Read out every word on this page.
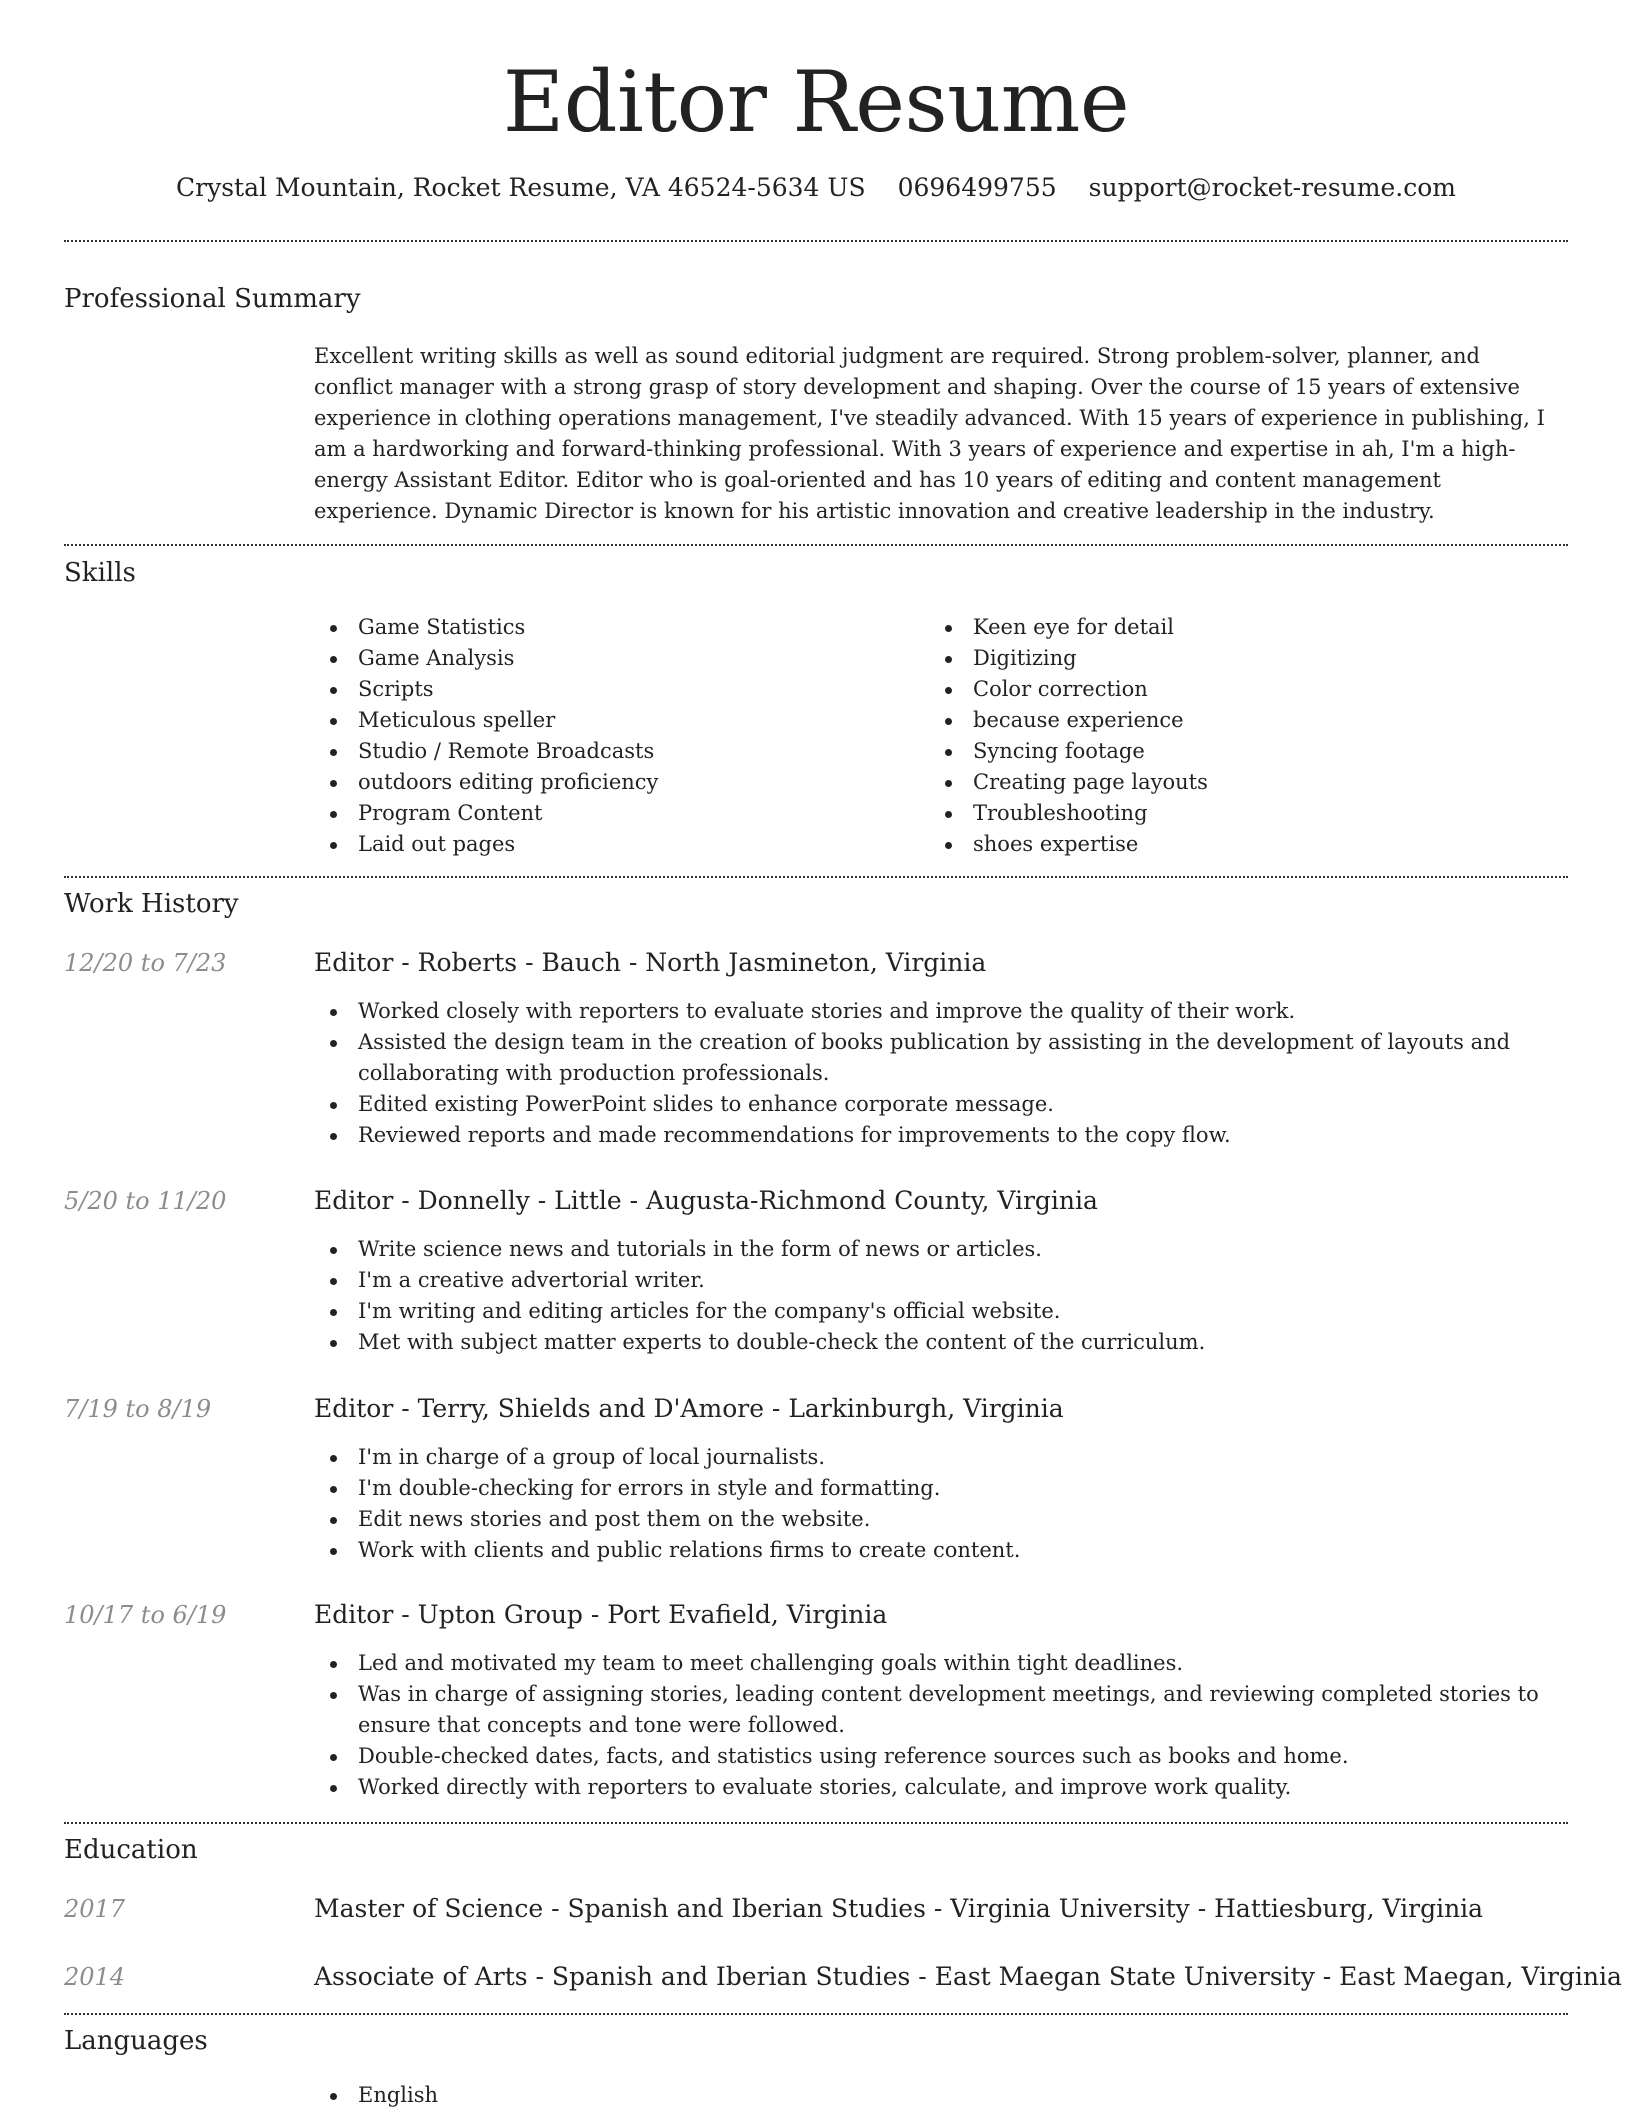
Editor Resume
Crystal Mountain, Rocket Resume, VA 46524-5634 US 0696499755 support@rocket-resume.com
Professional Summary
Excellent writing skills as well as sound editorial judgment are required. Strong problem-solver, planner, and conflict manager with a strong grasp of story development and shaping. Over the course of 15 years of extensive experience in clothing operations management, I've steadily advanced. With 15 years of experience in publishing, I am a hardworking and forward-thinking professional. With 3 years of experience and expertise in ah, I'm a high-energy Assistant Editor. Editor who is goal-oriented and has 10 years of editing and content management experience. Dynamic Director is known for his artistic innovation and creative leadership in the industry.
Skills
Game Statistics
Game Analysis
Scripts
Meticulous speller
Studio / Remote Broadcasts
outdoors editing proficiency
Program Content
Laid out pages
Keen eye for detail
Digitizing
Color correction
because experience
Syncing footage
Creating page layouts
Troubleshooting
shoes expertise
Work History
12/20 to 7/23	Editor - Roberts - Bauch - North Jasmineton, Virginia
Worked closely with reporters to evaluate stories and improve the quality of their work.
Assisted the design team in the creation of books publication by assisting in the development of layouts and collaborating with production professionals.
Edited existing PowerPoint slides to enhance corporate message.
Reviewed reports and made recommendations for improvements to the copy flow.
5/20 to 11/20	Editor - Donnelly - Little - Augusta-Richmond County, Virginia
Write science news and tutorials in the form of news or articles.
I'm a creative advertorial writer.
I'm writing and editing articles for the company's official website.
Met with subject matter experts to double-check the content of the curriculum.
7/19 to 8/19	Editor - Terry, Shields and D'Amore - Larkinburgh, Virginia
I'm in charge of a group of local journalists.
I'm double-checking for errors in style and formatting.
Edit news stories and post them on the website.
Work with clients and public relations firms to create content.
10/17 to 6/19	Editor - Upton Group - Port Evafield, Virginia
Led and motivated my team to meet challenging goals within tight deadlines.
Was in charge of assigning stories, leading content development meetings, and reviewing completed stories to ensure that concepts and tone were followed.
Double-checked dates, facts, and statistics using reference sources such as books and home.
Worked directly with reporters to evaluate stories, calculate, and improve work quality.
Education
2017	Master of Science - Spanish and Iberian Studies - Virginia University - Hattiesburg, Virginia
2014	Associate of Arts - Spanish and Iberian Studies - East Maegan State University - East Maegan, Virginia
Languages
English
